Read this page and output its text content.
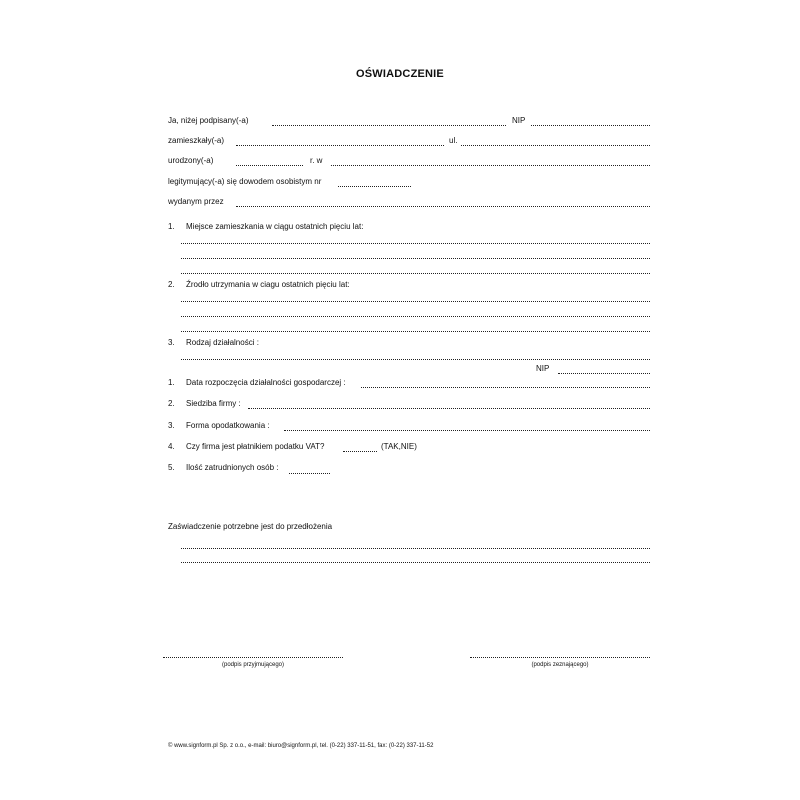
OŚWIADCZENIE
Ja, niżej podpisany(-a)	NIP
zamieszkały(-a)	ul.
urodzony(-a)	r. w
legitymujący(-a) się dowodem osobistym nr
wydanym przez
1. Miejsce zamieszkania w ciągu ostatnich pięciu lat:
2. Źrodło utrzymania w ciagu ostatnich pięciu lat:
3. Rodzaj działalności :
NIP
1. Data rozpoczęcia działalności gospodarczej :
2. Siedziba firmy :
3. Forma opodatkowania :
4. Czy firma jest płatnikiem podatku VAT?	(TAK,NIE)
5. Ilość zatrudnionych osób :
Zaświadczenie potrzebne jest do przedłożenia
(podpis przyjmującego)	(podpis zeznającego)
© www.signform.pl Sp. z o.o., e-mail: biuro@signform.pl, tel. (0-22) 337-11-51, fax: (0-22) 337-11-52
